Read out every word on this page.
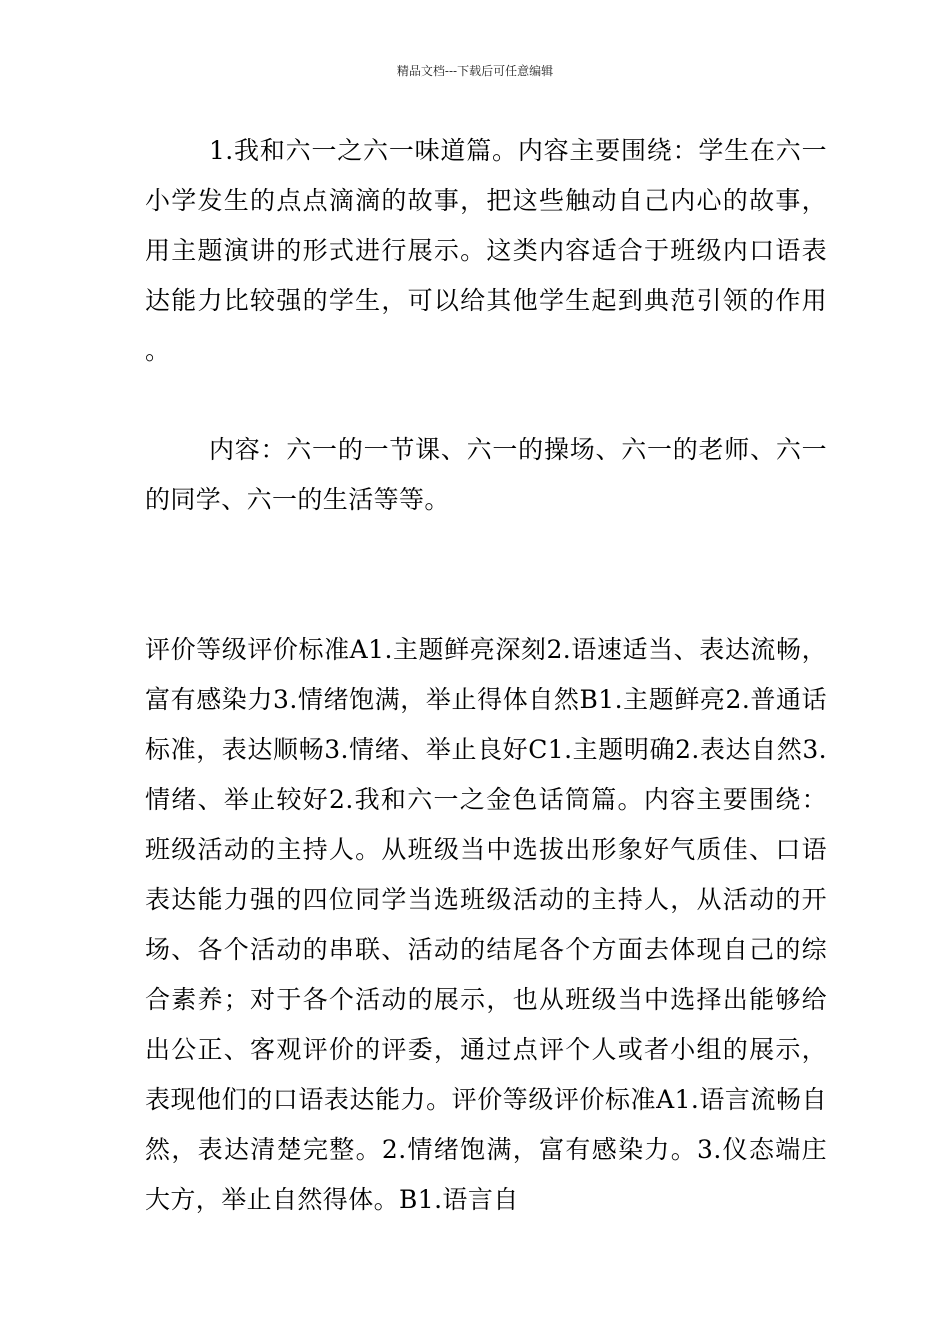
精品文档---下载后可任意编辑

1.我和六一之六一味道篇。内容主要围绕：学生在六一小学发生的点点滴滴的故事，把这些触动自己内心的故事，用主题演讲的形式进行展示。这类内容适合于班级内口语表达能力比较强的学生，可以给其他学生起到典范引领的作用。

内容：六一的一节课、六一的操场、六一的老师、六一的同学、六一的生活等等。

评价等级评价标准A1.主题鲜亮深刻2.语速适当、表达流畅，富有感染力3.情绪饱满，举止得体自然B1.主题鲜亮2.普通话标准，表达顺畅3.情绪、举止良好C1.主题明确2.表达自然3.情绪、举止较好2.我和六一之金色话筒篇。内容主要围绕：班级活动的主持人。从班级当中选拔出形象好气质佳、口语表达能力强的四位同学当选班级活动的主持人，从活动的开场、各个活动的串联、活动的结尾各个方面去体现自己的综合素养；对于各个活动的展示，也从班级当中选择出能够给出公正、客观评价的评委，通过点评个人或者小组的展示，表现他们的口语表达能力。评价等级评价标准A1.语言流畅自然，表达清楚完整。2.情绪饱满，富有感染力。3.仪态端庄大方，举止自然得体。B1.语言自
